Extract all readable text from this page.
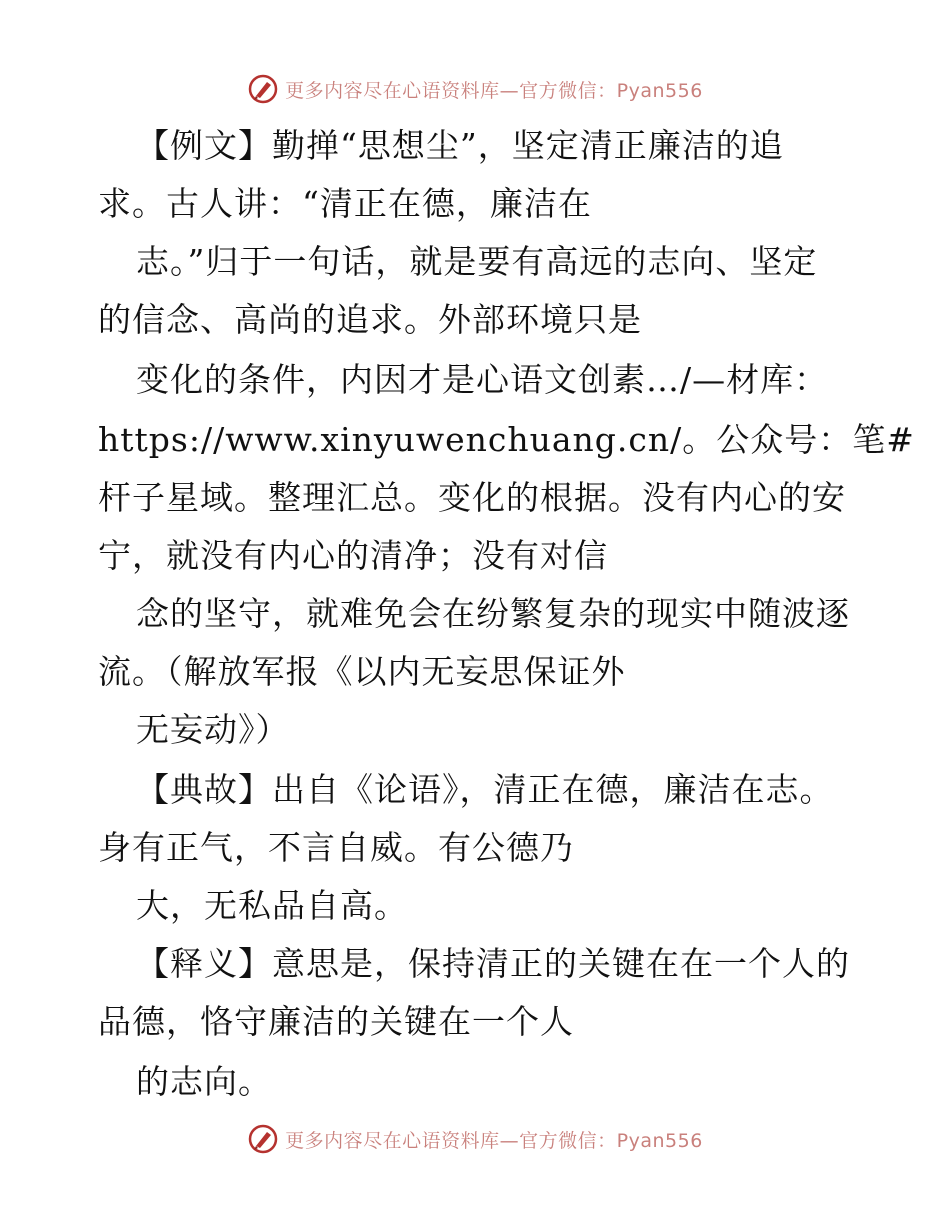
更多内容尽在心语资料库—官方微信：Pyan556
【例文】勤掸“思想尘”，坚定清正廉洁的追
求。古人讲：“清正在德，廉洁在
志。”归于一句话，就是要有高远的志向、坚定
的信念、高尚的追求。外部环境只是
变化的条件，内因才是心语文创素…/—材库：
https://www.xinyuwenchuang.cn/。公众号：笔#
杆子星域。整理汇总。变化的根据。没有内心的安
宁，就没有内心的清净；没有对信
念的坚守，就难免会在纷繁复杂的现实中随波逐
流。（解放军报《以内无妄思保证外
无妄动》）
【典故】出自《论语》，清正在德，廉洁在志。
身有正气，不言自威。有公德乃
大，无私品自高。
【释义】意思是，保持清正的关键在在一个人的
品德，恪守廉洁的关键在一个人
的志向。
更多内容尽在心语资料库—官方微信：Pyan556
